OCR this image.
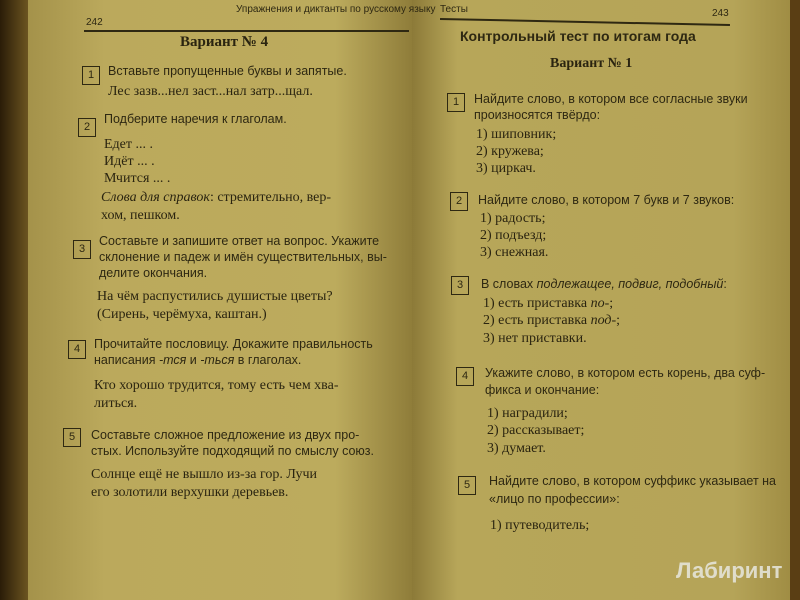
Упражнения и диктанты по русскому языку
242
Вариант № 4
1	Вставьте пропущенные буквы и запятые.
Лес зазв...нел заст...нал затр...щал.
2
Подберите наречия к глаголам.
Едет ... .
Идёт ... .
Мчится ... .
Слова для справок: стремительно, вер-
хом, пешком.
3
Составьте и запишите ответ на вопрос. Укажите
склонение и падеж и имён существительных, вы-
делите окончания.
На чём распустились душистые цветы?
(Сирень, черёмуха, каштан.)
4	Прочитайте пословицу. Докажите правильность
написания -тся и -ться в глаголах.
Кто хорошо трудится, тому есть чем хва-
литься.
5	Составьте сложное предложение из двух про-
стых. Используйте подходящий по смыслу союз.
Солнце ещё не вышло из-за гор. Лучи
его золотили верхушки деревьев.
Тесты	243
Контрольный тест по итогам года
Вариант № 1
1	Найдите слово, в котором все согласные звуки
произносятся твёрдо:
1) шиповник;
2) кружева;
3) циркач.
2	Найдите слово, в котором 7 букв и 7 звуков:
1) радость;
2) подъезд;
3) снежная.
3	В словах подлежащее, подвиг, подобный:
1) есть приставка по-;
2) есть приставка под-;
3) нет приставки.
4	Укажите слово, в котором есть корень, два суф-
фикса и окончание:
1) наградили;
2) рассказывает;
3) думает.
5	Найдите слово, в котором суффикс указывает на
«лицо по профессии»:
1) путеводитель;
Лабиринт
